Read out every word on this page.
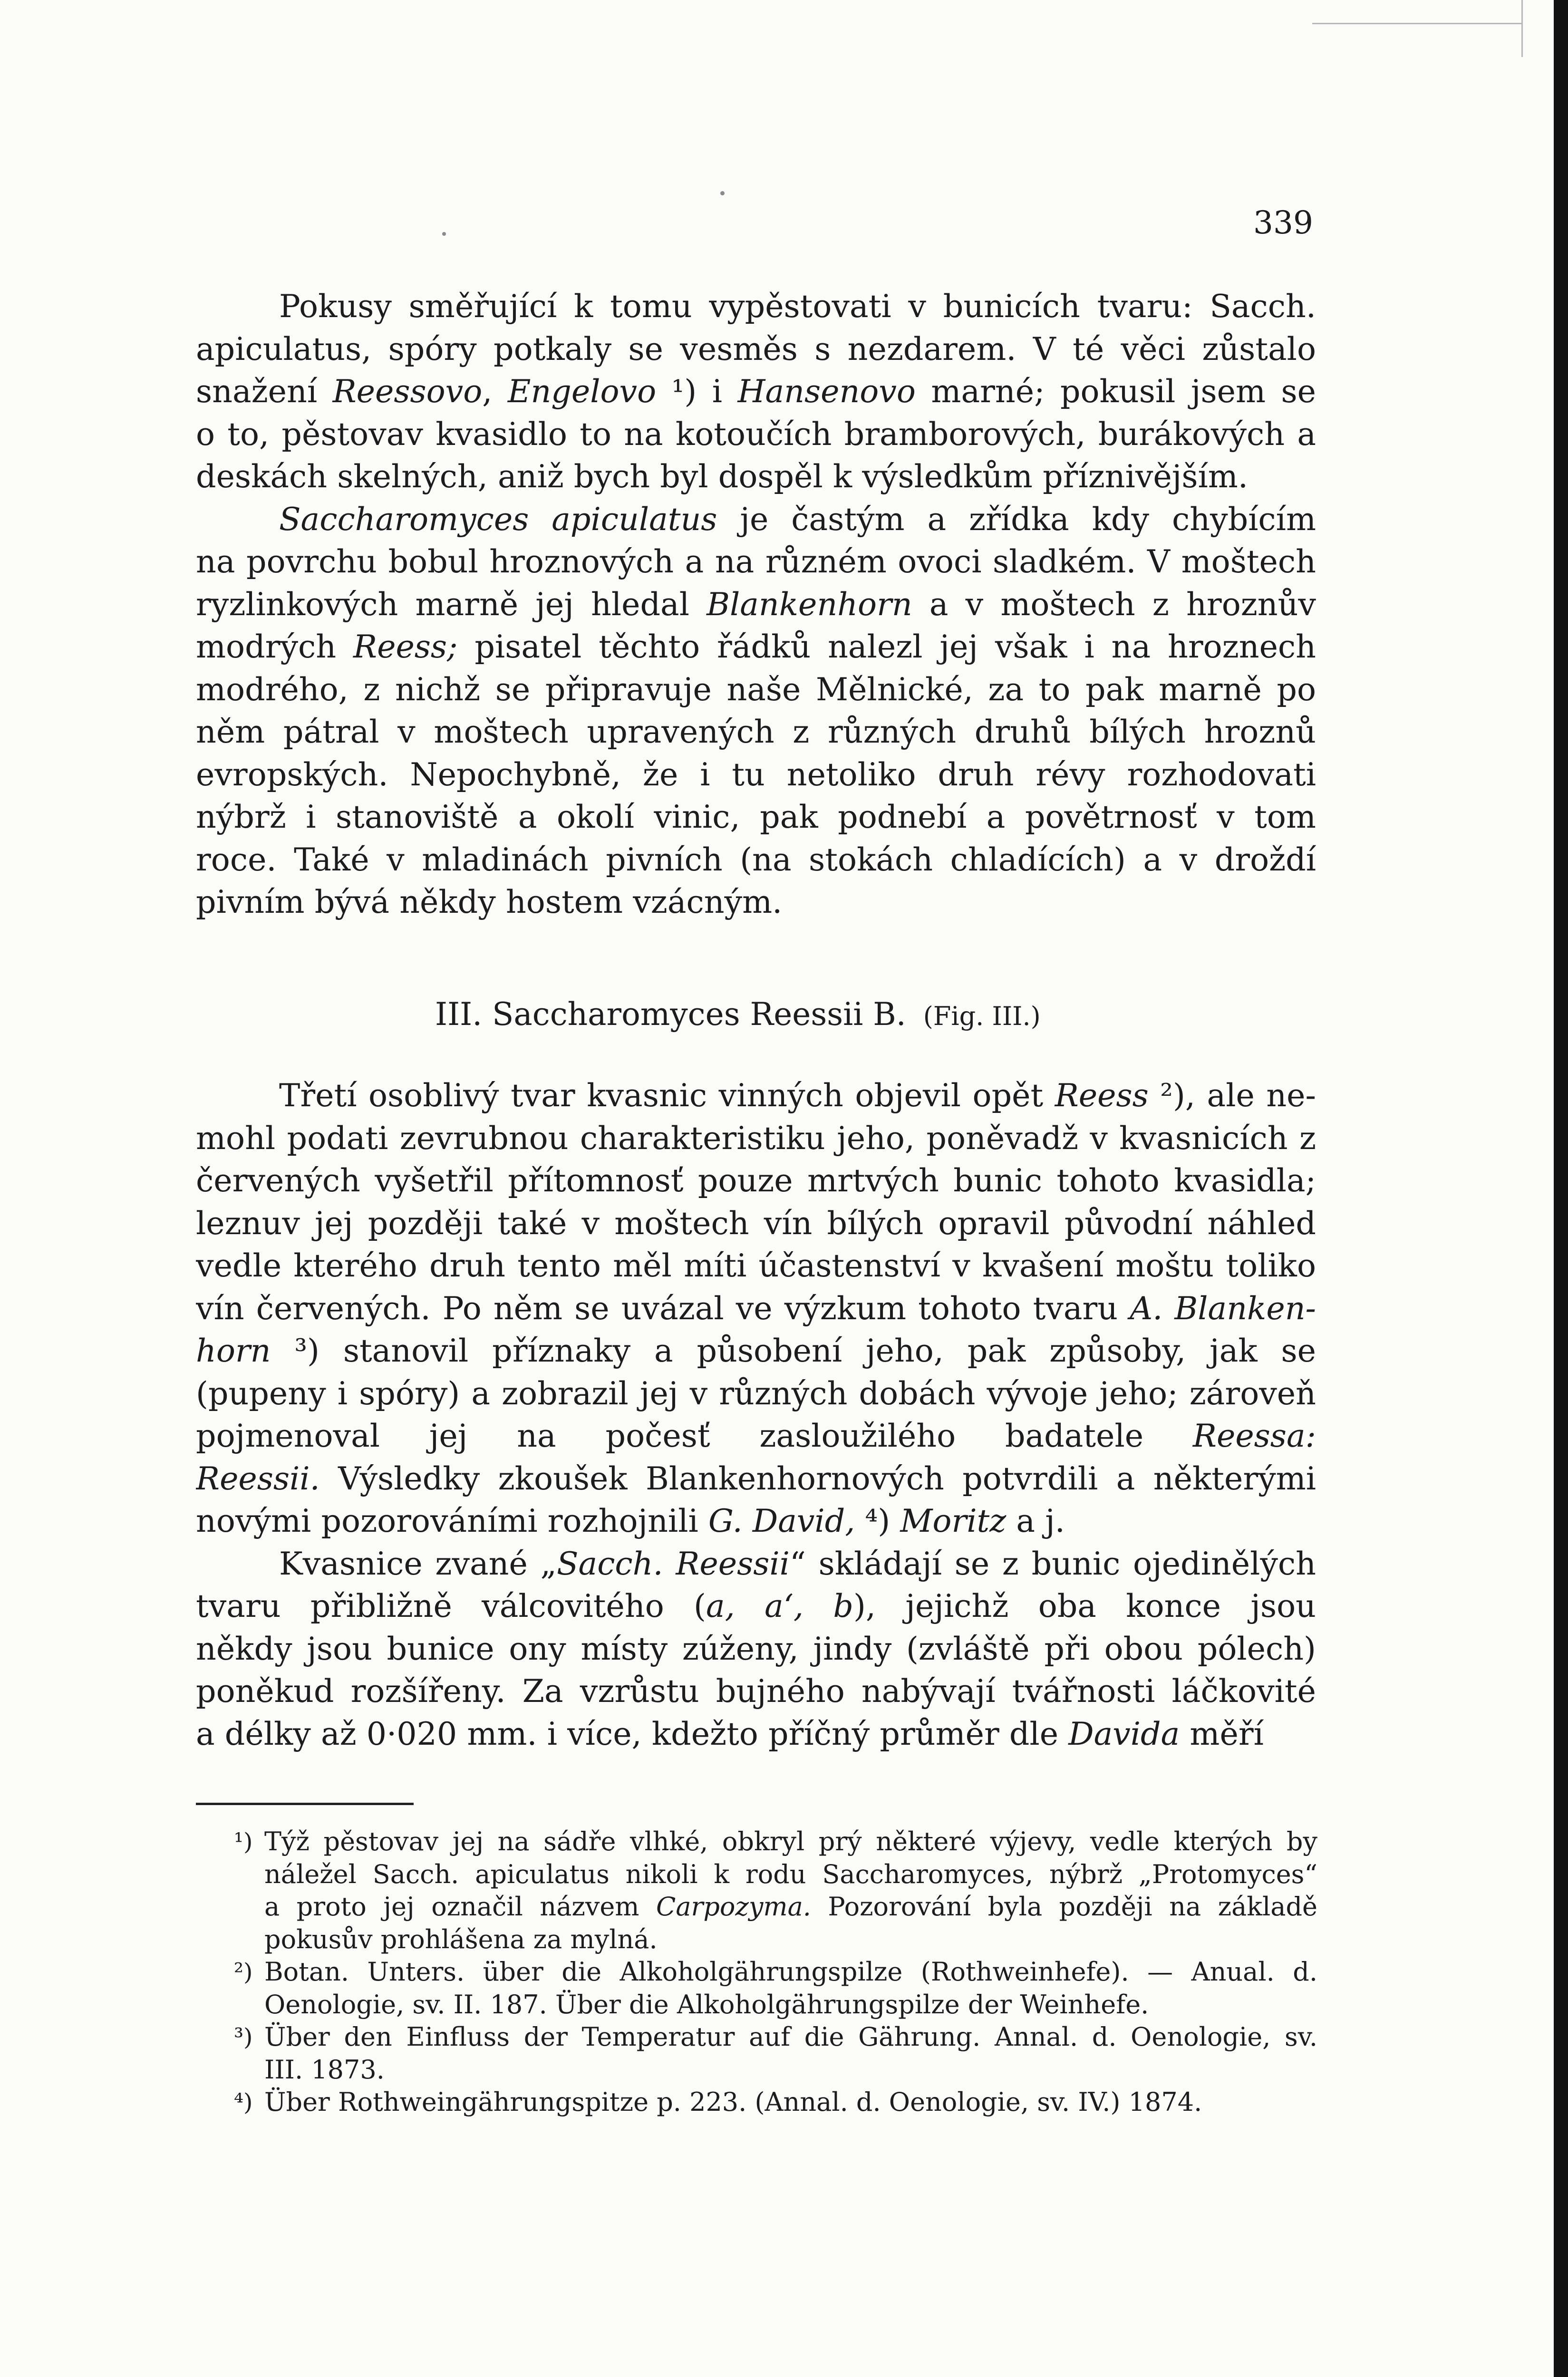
339
Pokusy směřující k tomu vypěstovati v bunicích tvaru: Sacch.
apiculatus, spóry potkaly se vesměs s nezdarem. V té věci zůstalo
snažení Reessovo, Engelovo ¹) i Hansenovo marné; pokusil jsem se
o to, pěstovav kvasidlo to na kotoučích bramborových, burákových a
deskách skelných, aniž bych byl dospěl k výsledkům příznivějším.
Saccharomyces apiculatus je častým a zřídka kdy chybícím
na povrchu bobul hroznových a na různém ovoci sladkém. V moštech
ryzlinkových marně jej hledal Blankenhorn a v moštech z hroznův
modrých Reess; pisatel těchto řádků nalezl jej však i na hroznech
modrého, z nichž se připravuje naše Mělnické, za to pak marně po
něm pátral v moštech upravených z různých druhů bílých hroznů
evropských. Nepochybně, že i tu netoliko druh révy rozhodovati
nýbrž i stanoviště a okolí vinic, pak podnebí a povětrnosť v tom
roce. Také v mladinách pivních (na stokách chladících) a v droždí
pivním bývá někdy hostem vzácným.
III. Saccharomyces Reessii B. (Fig. III.)
Třetí osoblivý tvar kvasnic vinných objevil opět Reess ²), ale ne-
mohl podati zevrubnou charakteristiku jeho, poněvadž v kvasnicích z
červených vyšetřil přítomnosť pouze mrtvých bunic tohoto kvasidla;
leznuv jej později také v moštech vín bílých opravil původní náhled
vedle kterého druh tento měl míti účastenství v kvašení moštu toliko
vín červených. Po něm se uvázal ve výzkum tohoto tvaru A. Blanken-
horn ³) stanovil příznaky a působení jeho, pak způsoby, jak se
(pupeny i spóry) a zobrazil jej v různých dobách vývoje jeho; zároveň
pojmenoval jej na počesť zasloužilého badatele Reessa:
Reessii. Výsledky zkoušek Blankenhornových potvrdili a některými
novými pozorováními rozhojnili G. David, ⁴) Moritz a j.
Kvasnice zvané „Sacch. Reessii“ skládají se z bunic ojedinělých
tvaru přibližně válcovitého (a, a‘, b), jejichž oba konce jsou
někdy jsou bunice ony místy zúženy, jindy (zvláště při obou pólech)
poněkud rozšířeny. Za vzrůstu bujného nabývají tvářnosti láčkovité
a délky až 0·020 mm. i více, kdežto příčný průměr dle Davida měří
¹) Týž pěstovav jej na sádře vlhké, obkryl prý některé výjevy, vedle kterých by
náležel Sacch. apiculatus nikoli k rodu Saccharomyces, nýbrž „Protomyces“
a proto jej označil názvem Carpozyma. Pozorování byla později na základě
pokusův prohlášena za mylná.
²) Botan. Unters. über die Alkoholgährungspilze (Rothweinhefe). — Anual. d.
Oenologie, sv. II. 187. Über die Alkoholgährungspilze der Weinhefe.
³) Über den Einfluss der Temperatur auf die Gährung. Annal. d. Oenologie, sv.
III. 1873.
⁴) Über Rothweingährungspitze p. 223. (Annal. d. Oenologie, sv. IV.) 1874.
